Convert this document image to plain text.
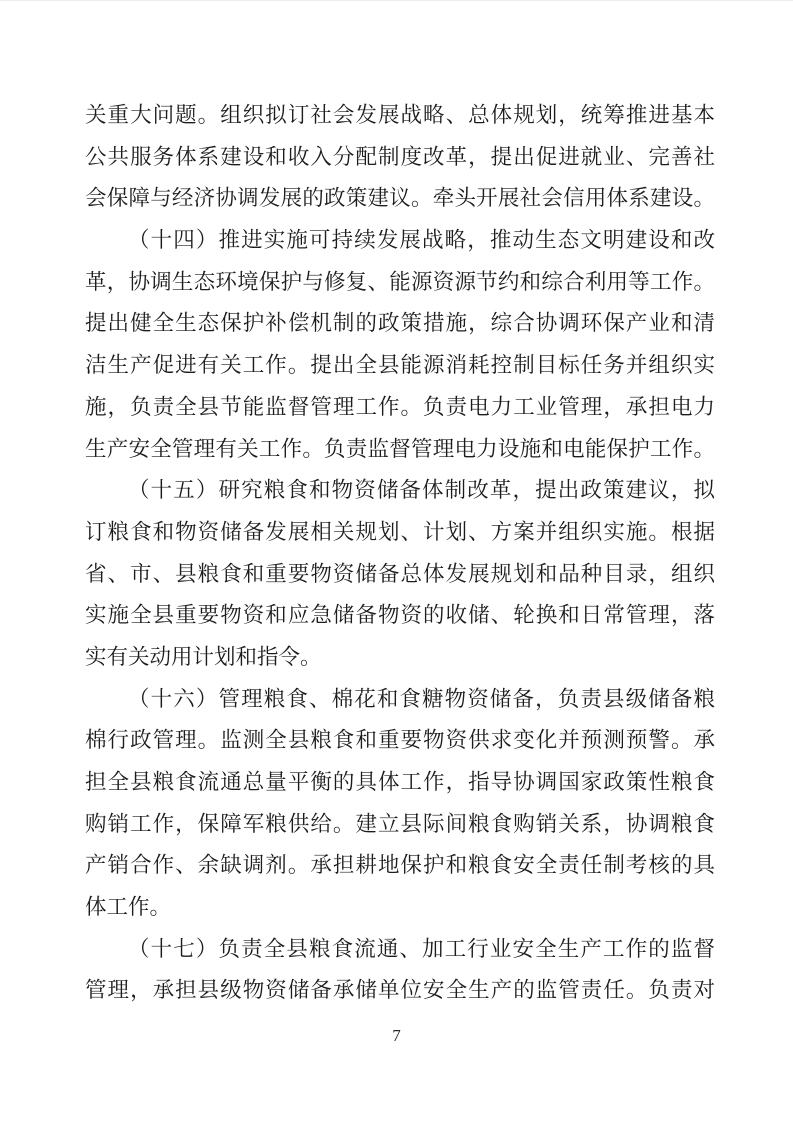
关重大问题。组织拟订社会发展战略、总体规划，统筹推进基本
公共服务体系建设和收入分配制度改革，提出促进就业、完善社
会保障与经济协调发展的政策建议。牵头开展社会信用体系建设。
（十四）推进实施可持续发展战略，推动生态文明建设和改
革，协调生态环境保护与修复、能源资源节约和综合利用等工作。
提出健全生态保护补偿机制的政策措施，综合协调环保产业和清
洁生产促进有关工作。提出全县能源消耗控制目标任务并组织实
施，负责全县节能监督管理工作。负责电力工业管理，承担电力
生产安全管理有关工作。负责监督管理电力设施和电能保护工作。
（十五）研究粮食和物资储备体制改革，提出政策建议，拟
订粮食和物资储备发展相关规划、计划、方案并组织实施。根据
省、市、县粮食和重要物资储备总体发展规划和品种目录，组织
实施全县重要物资和应急储备物资的收储、轮换和日常管理，落
实有关动用计划和指令。
（十六）管理粮食、棉花和食糖物资储备，负责县级储备粮
棉行政管理。监测全县粮食和重要物资供求变化并预测预警。承
担全县粮食流通总量平衡的具体工作，指导协调国家政策性粮食
购销工作，保障军粮供给。建立县际间粮食购销关系，协调粮食
产销合作、余缺调剂。承担耕地保护和粮食安全责任制考核的具
体工作。
（十七）负责全县粮食流通、加工行业安全生产工作的监督
管理，承担县级物资储备承储单位安全生产的监管责任。负责对
7
